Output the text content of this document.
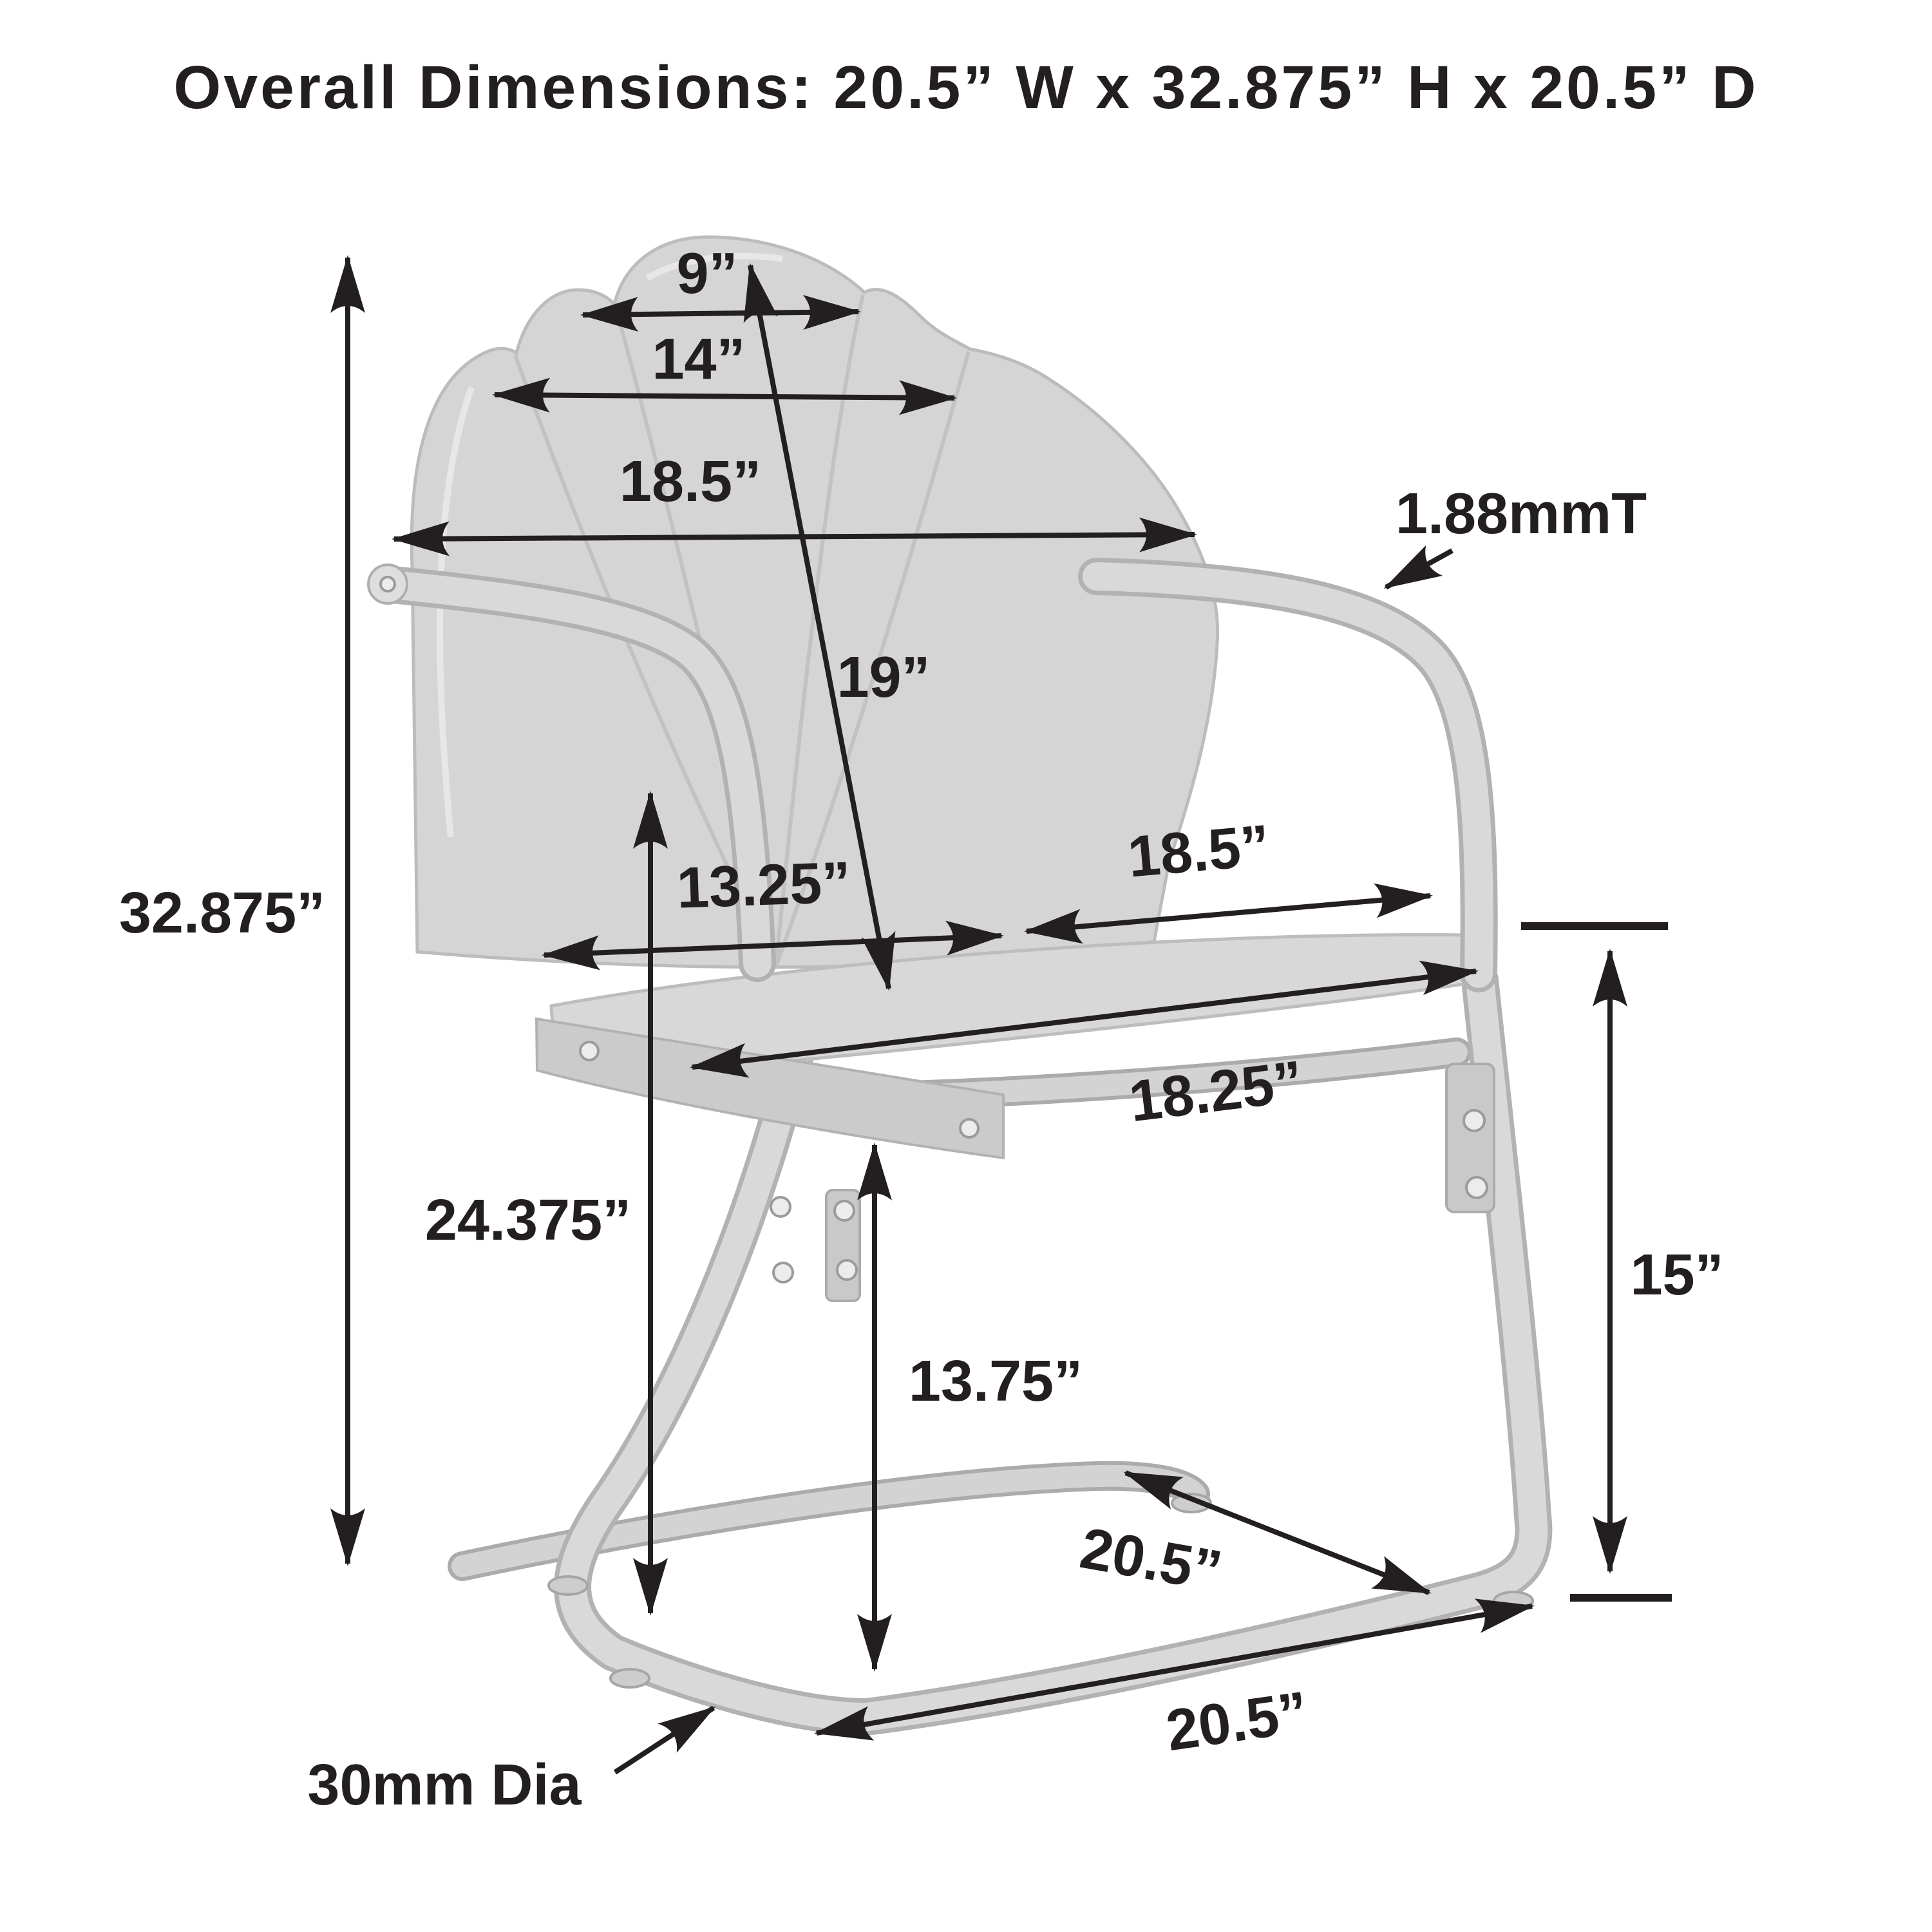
Overall Dimensions: 20.5” W x 32.875” H x 20.5” D
32.875”
9”
14”
18.5”
19”
13.25”	18.5”
18.25”
24.375”
13.75”
15”
20.5”
20.5”
30mm Dia
1.88mmT
